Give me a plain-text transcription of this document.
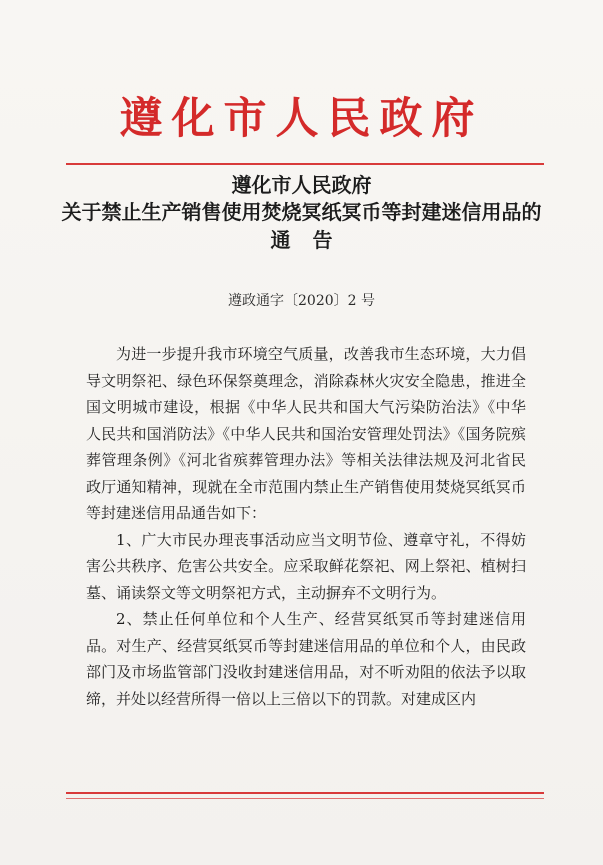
遵化市人民政府
遵化市人民政府
关于禁止生产销售使用焚烧冥纸冥币等封建迷信用品的
通告
遵政通字〔2020〕2 号

为进一步提升我市环境空气质量，改善我市生态环境，大力倡导文明祭祀、绿色环保祭奠理念，消除森林火灾安全隐患，推进全国文明城市建设，根据《中华人民共和国大气污染防治法》《中华人民共和国消防法》《中华人民共和国治安管理处罚法》《国务院殡葬管理条例》《河北省殡葬管理办法》等相关法律法规及河北省民政厅通知精神，现就在全市范围内禁止生产销售使用焚烧冥纸冥币等封建迷信用品通告如下：

1、广大市民办理丧事活动应当文明节俭、遵章守礼，不得妨害公共秩序、危害公共安全。应采取鲜花祭祀、网上祭祀、植树扫墓、诵读祭文等文明祭祀方式，主动摒弃不文明行为。

2、禁止任何单位和个人生产、经营冥纸冥币等封建迷信用品。对生产、经营冥纸冥币等封建迷信用品的单位和个人，由民政部门及市场监管部门没收封建迷信用品，对不听劝阻的依法予以取缔，并处以经营所得一倍以上三倍以下的罚款。对建成区内
